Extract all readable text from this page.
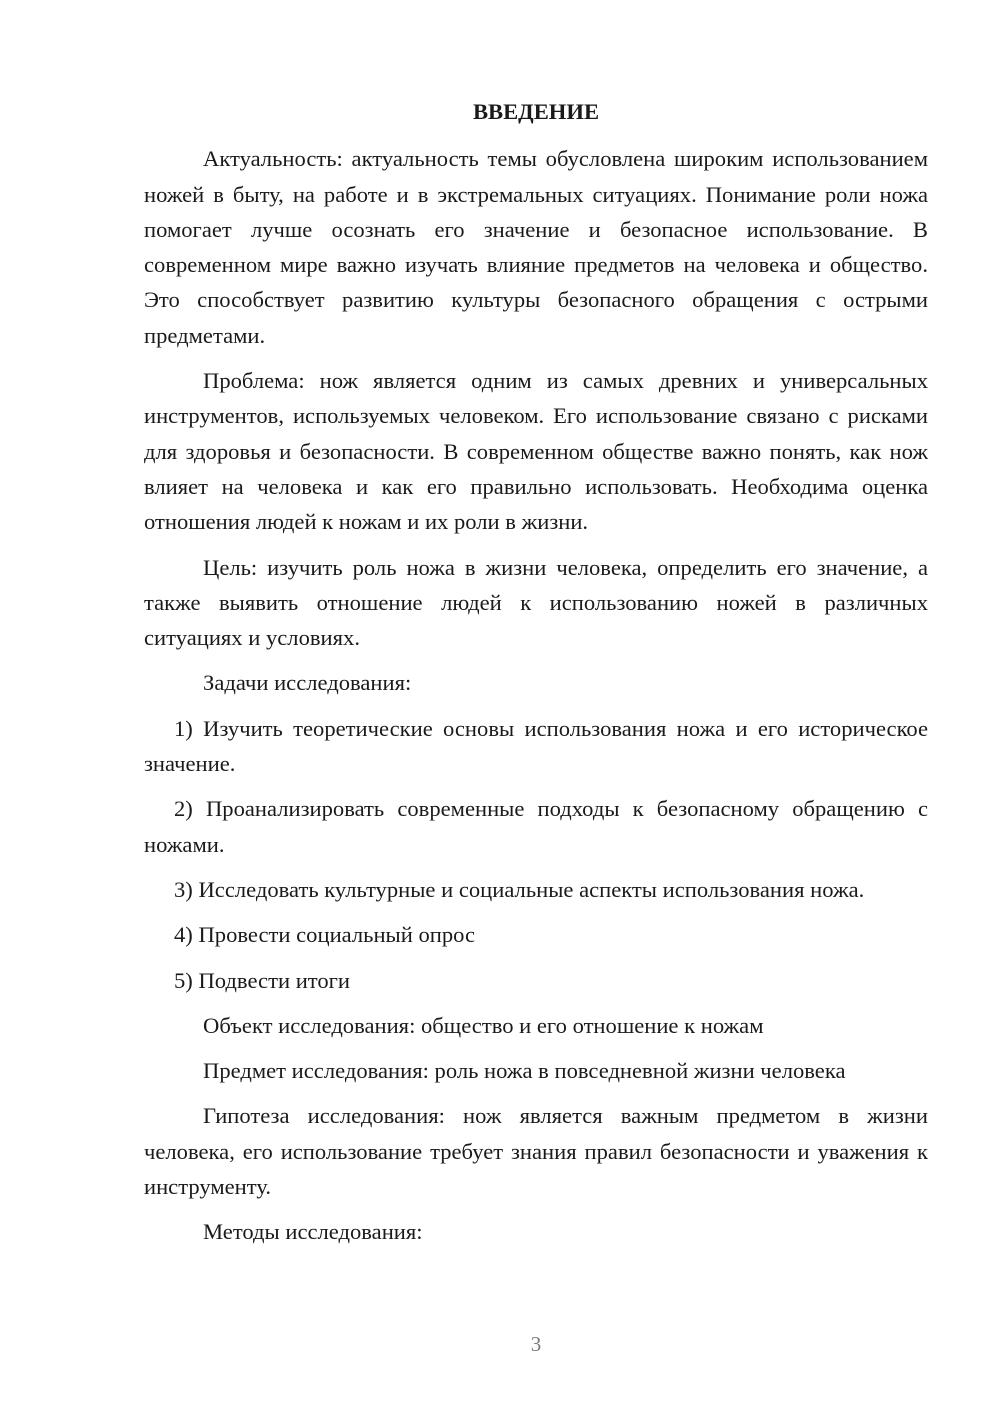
ВВЕДЕНИЕ

Актуальность: актуальность темы обусловлена широким использованием ножей в быту, на работе и в экстремальных ситуациях. Понимание роли ножа помогает лучше осознать его значение и безопасное использование. В современном мире важно изучать влияние предметов на человека и общество. Это способствует развитию культуры безопасного обращения с острыми предметами.

Проблема: нож является одним из самых древних и универсальных инструментов, используемых человеком. Его использование связано с рисками для здоровья и безопасности. В современном обществе важно понять, как нож влияет на человека и как его правильно использовать. Необходима оценка отношения людей к ножам и их роли в жизни.

Цель: изучить роль ножа в жизни человека, определить его значение, а также выявить отношение людей к использованию ножей в различных ситуациях и условиях.

Задачи исследования:

1) Изучить теоретические основы использования ножа и его историческое значение.

2) Проанализировать современные подходы к безопасному обращению с ножами.

3) Исследовать культурные и социальные аспекты использования ножа.

4) Провести социальный опрос

5) Подвести итоги

Объект исследования: общество и его отношение к ножам

Предмет исследования: роль ножа в повседневной жизни человека

Гипотеза исследования: нож является важным предметом в жизни человека, его использование требует знания правил безопасности и уважения к инструменту.

Методы исследования:

3
